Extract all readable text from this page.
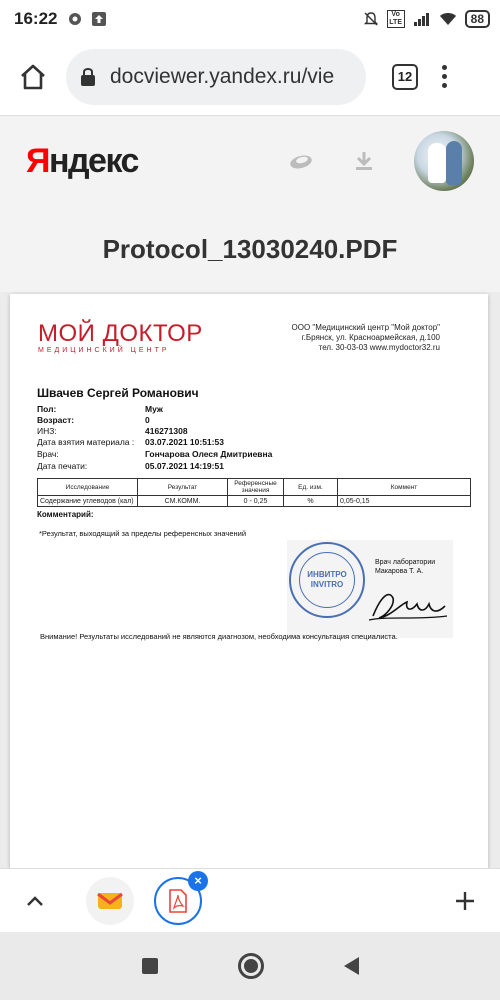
16:22	Vo LTE	88
docviewer.yandex.ru/vie	12
Яндекс
Protocol_13030240.PDF
МОЙ ДОКТОР
МЕДИЦИНСКИЙ ЦЕНТР
ООО "Медицинский центр "Мой доктор"
г.Брянск, ул. Красноармейская, д.100
тел. 30-03-03 www.mydoctor32.ru
Швачев Сергей Романович
Пол:	Муж
Возраст:	0
ИНЗ:	416271308
Дата взятия материала : 03.07.2021 10:51:53
Врач:	Гончарова Олеся Дмитриевна
Дата печати:	05.07.2021 14:19:51
Исследование	Результат	Референсные значения	Ед. изм.	Коммент
Содержание углеводов (кал)	СМ.КОММ.	0 - 0,25	%	0,05-0,15
Комментарий:
*Результат, выходящий за пределы референсных значений
ИНВИТРО
INVITRO
Врач лаборатории
Макарова Т. А.
Внимание! Результаты исследований не являются диагнозом, необходима консультация специалиста.
×
